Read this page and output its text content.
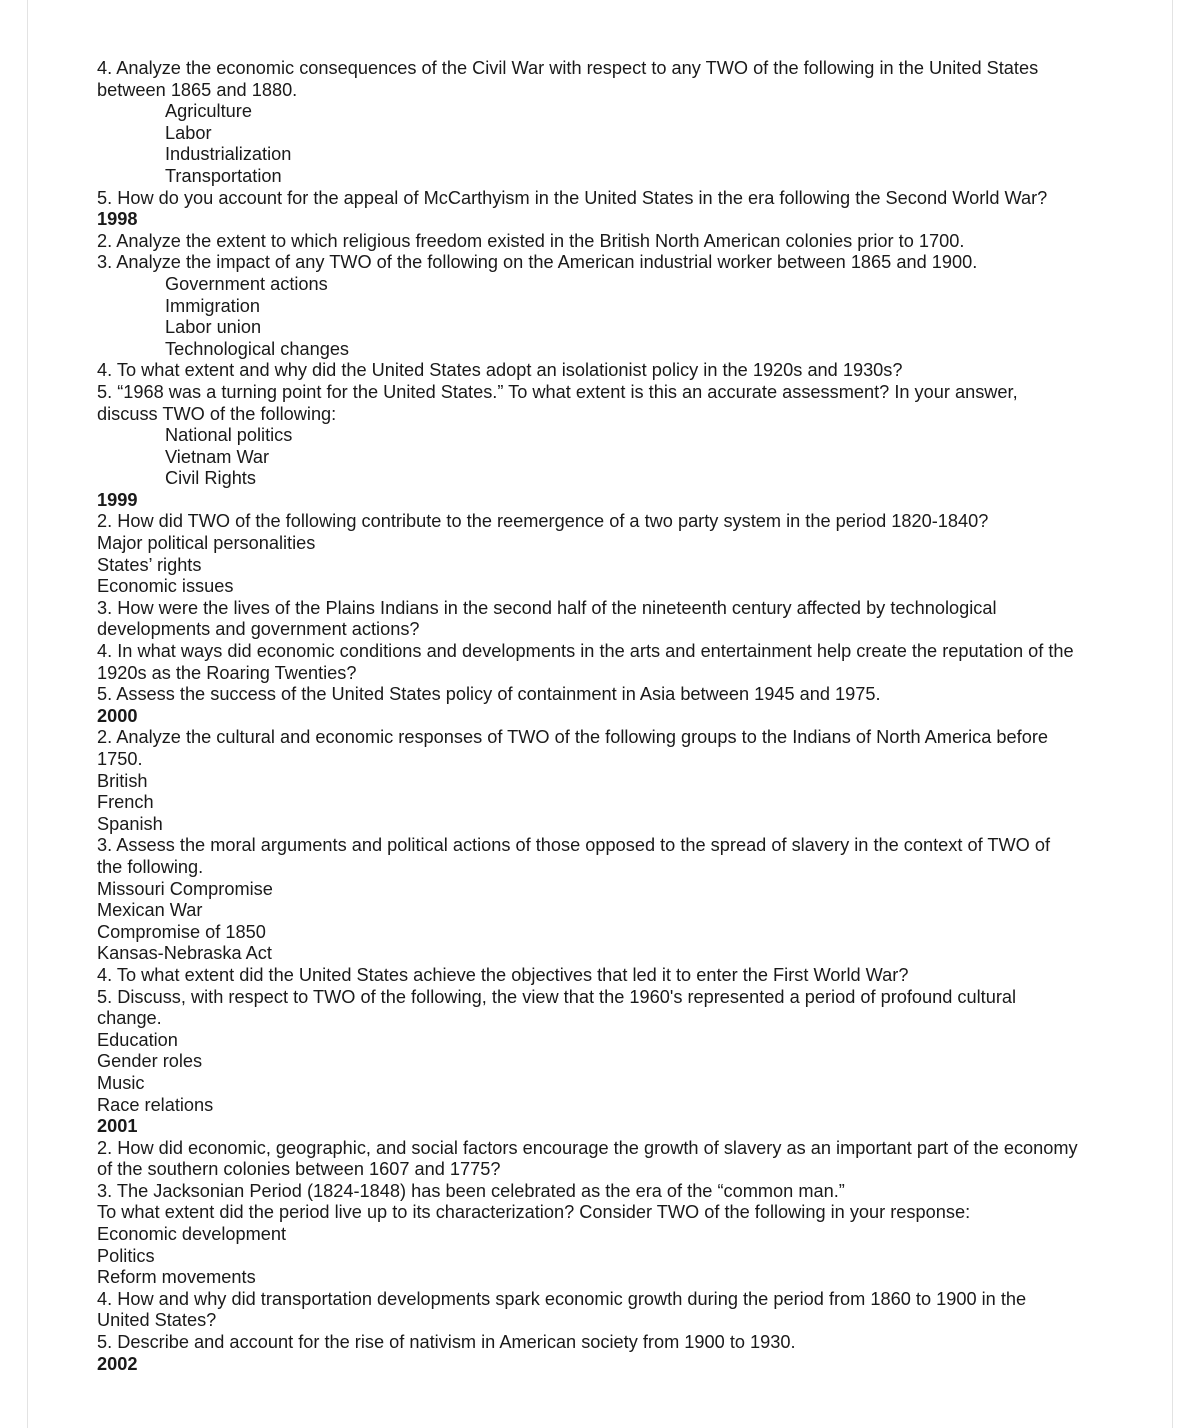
4. Analyze the economic consequences of the Civil War with respect to any TWO of the following in the United States
between 1865 and 1880.
Agriculture
Labor
Industrialization
Transportation
5. How do you account for the appeal of McCarthyism in the United States in the era following the Second World War?
1998
2. Analyze the extent to which religious freedom existed in the British North American colonies prior to 1700.
3. Analyze the impact of any TWO of the following on the American industrial worker between 1865 and 1900.
Government actions
Immigration
Labor union
Technological changes
4. To what extent and why did the United States adopt an isolationist policy in the 1920s and 1930s?
5. “1968 was a turning point for the United States.” To what extent is this an accurate assessment? In your answer,
discuss TWO of the following:
National politics
Vietnam War
Civil Rights
1999
2. How did TWO of the following contribute to the reemergence of a two party system in the period 1820-1840?
Major political personalities
States’ rights
Economic issues
3. How were the lives of the Plains Indians in the second half of the nineteenth century affected by technological
developments and government actions?
4. In what ways did economic conditions and developments in the arts and entertainment help create the reputation of the
1920s as the Roaring Twenties?
5. Assess the success of the United States policy of containment in Asia between 1945 and 1975.
2000
2. Analyze the cultural and economic responses of TWO of the following groups to the Indians of North America before
1750.
British
French
Spanish
3. Assess the moral arguments and political actions of those opposed to the spread of slavery in the context of TWO of
the following.
Missouri Compromise
Mexican War
Compromise of 1850
Kansas-Nebraska Act
4. To what extent did the United States achieve the objectives that led it to enter the First World War?
5. Discuss, with respect to TWO of the following, the view that the 1960's represented a period of profound cultural
change.
Education
Gender roles
Music
Race relations
2001
2. How did economic, geographic, and social factors encourage the growth of slavery as an important part of the economy
of the southern colonies between 1607 and 1775?
3. The Jacksonian Period (1824-1848) has been celebrated as the era of the “common man.”
To what extent did the period live up to its characterization? Consider TWO of the following in your response:
Economic development
Politics
Reform movements
4. How and why did transportation developments spark economic growth during the period from 1860 to 1900 in the
United States?
5. Describe and account for the rise of nativism in American society from 1900 to 1930.
2002
